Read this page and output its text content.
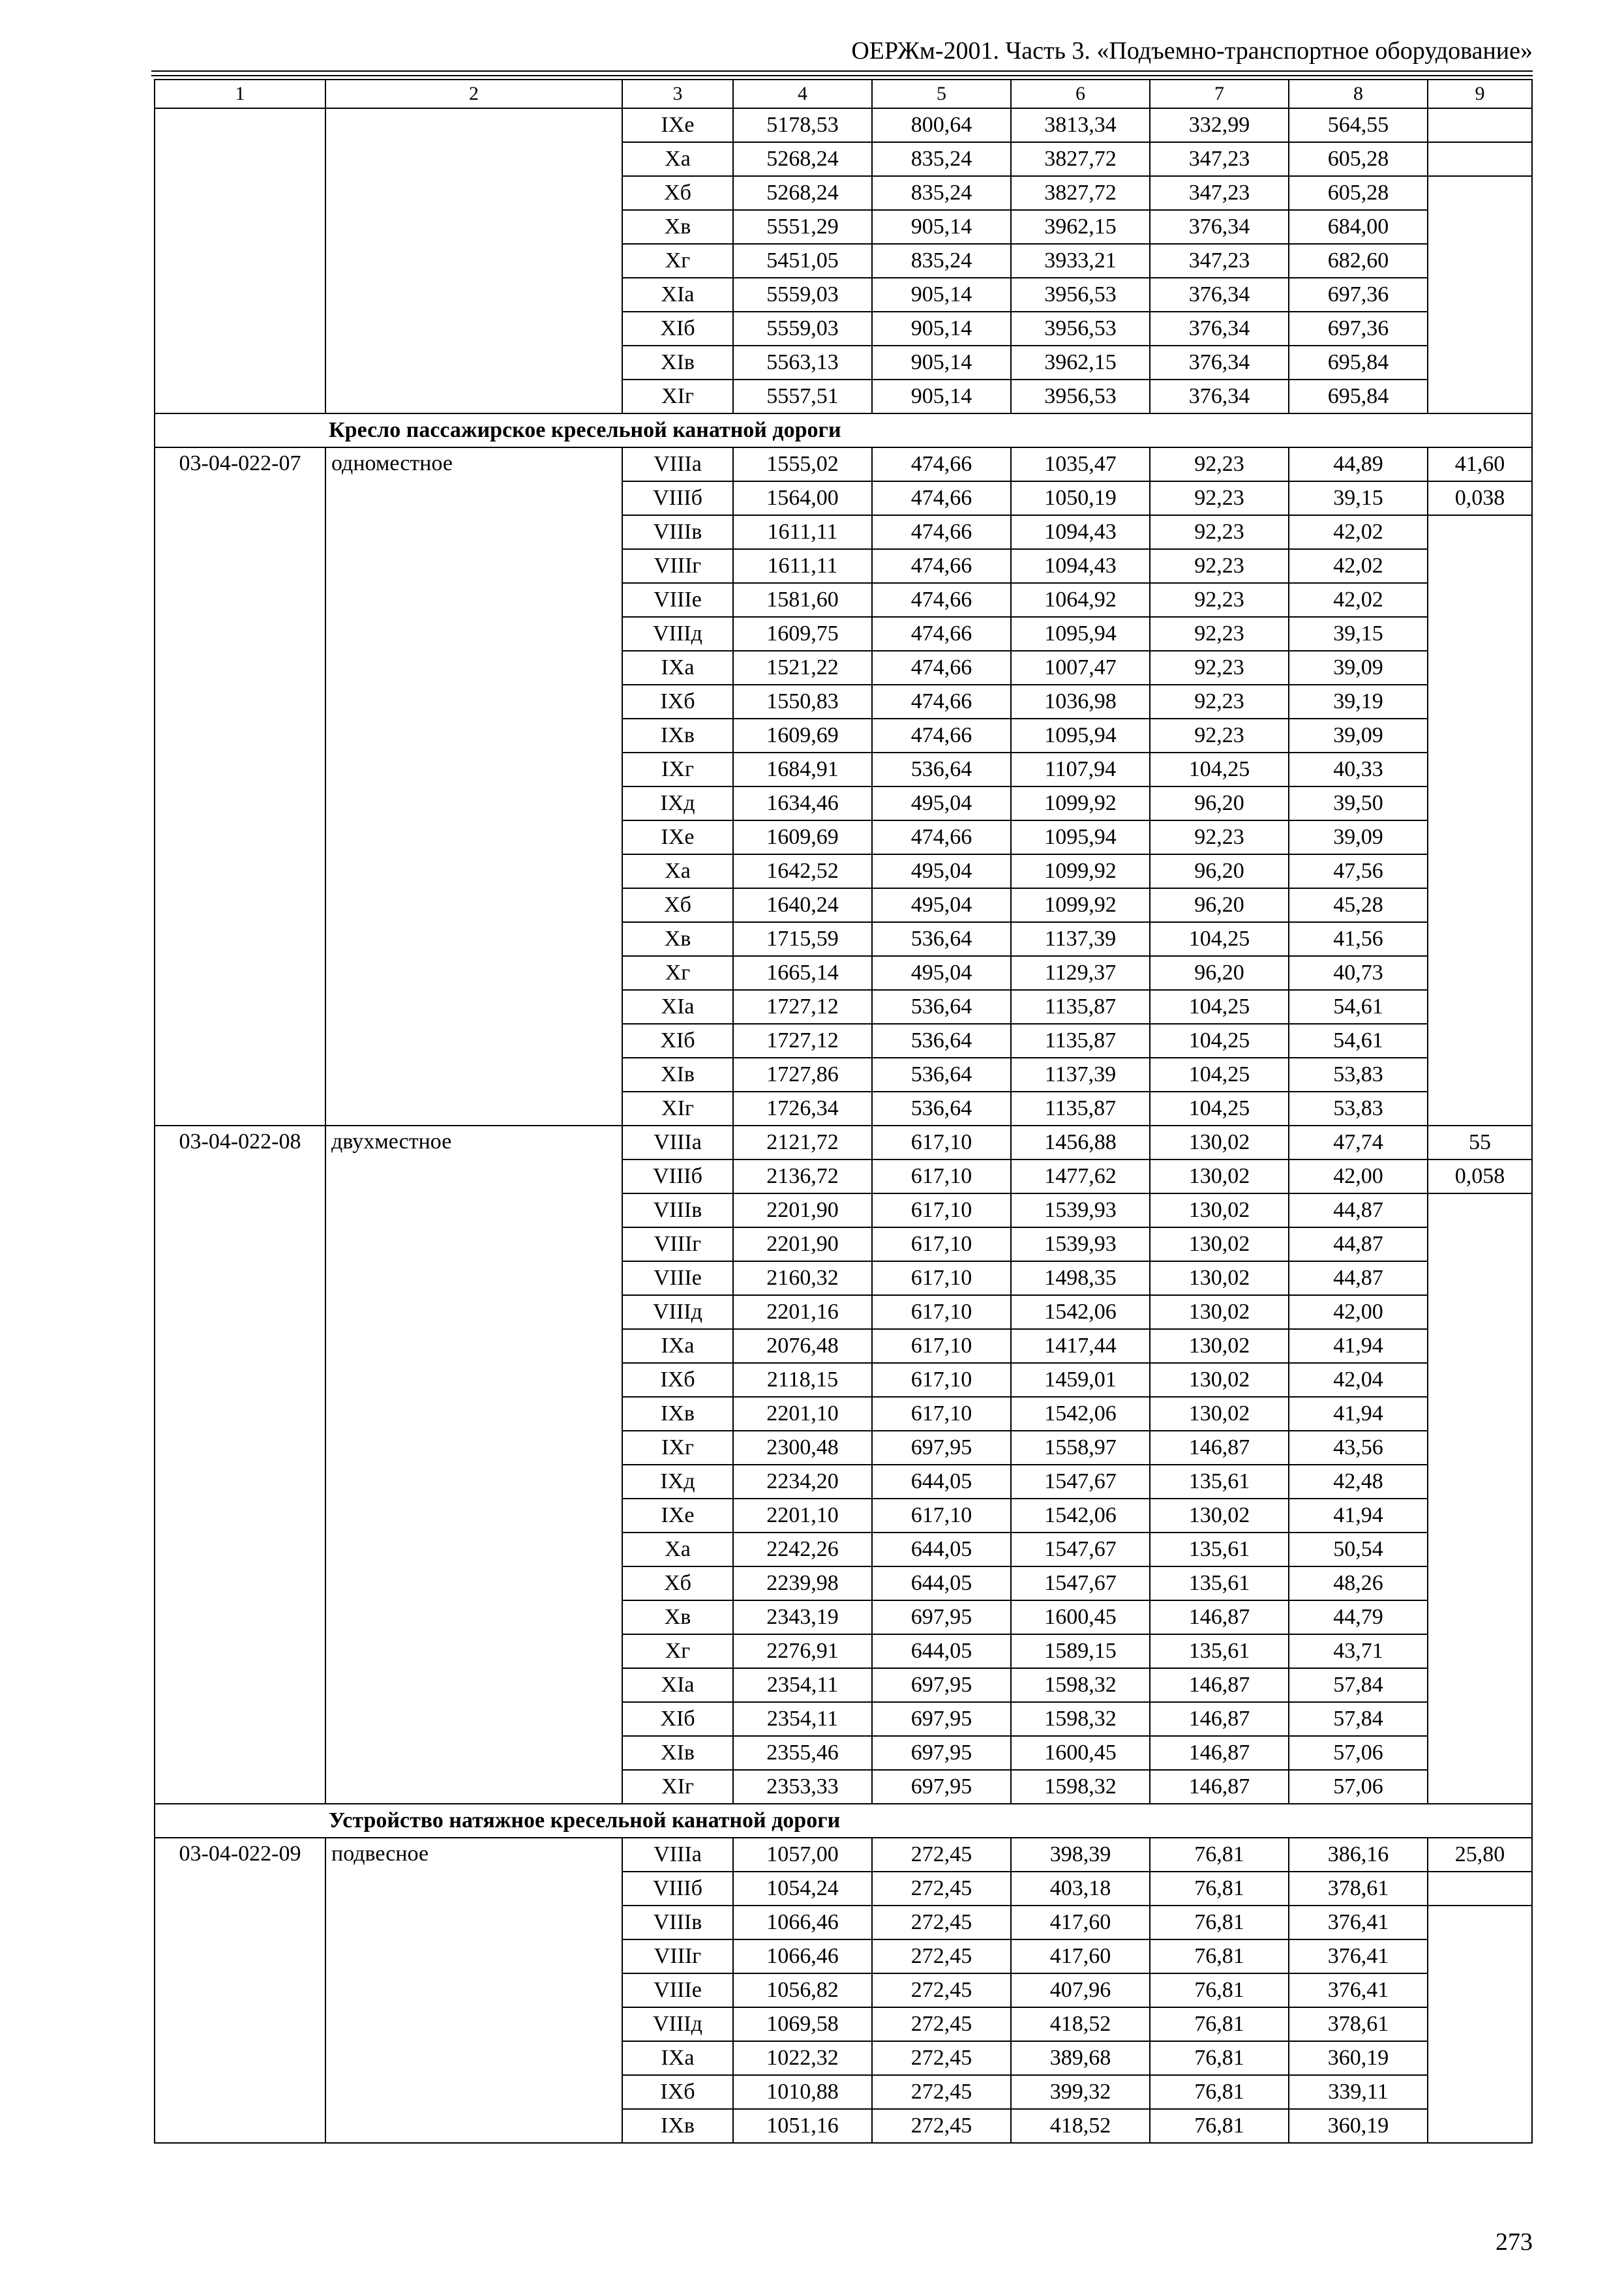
ОЕРЖм-2001. Часть 3. «Подъемно-транспортное оборудование»
1	2	3	4	5	6	7	8	9
		IXе	5178,53	800,64	3813,34	332,99	564,55	
		Xа	5268,24	835,24	3827,72	347,23	605,28	
		Xб	5268,24	835,24	3827,72	347,23	605,28	
		Xв	5551,29	905,14	3962,15	376,34	684,00	
		Xг	5451,05	835,24	3933,21	347,23	682,60	
		XIа	5559,03	905,14	3956,53	376,34	697,36	
		XIб	5559,03	905,14	3956,53	376,34	697,36	
		XIв	5563,13	905,14	3962,15	376,34	695,84	
		XIг	5557,51	905,14	3956,53	376,34	695,84	
Кресло пассажирское кресельной канатной дороги								
03-04-022-07	одноместное	VIIIа	1555,02	474,66	1035,47	92,23	44,89	41,60
		VIIIб	1564,00	474,66	1050,19	92,23	39,15	0,038
		VIIIв	1611,11	474,66	1094,43	92,23	42,02	
		VIIIг	1611,11	474,66	1094,43	92,23	42,02	
		VIIIе	1581,60	474,66	1064,92	92,23	42,02	
		VIIIд	1609,75	474,66	1095,94	92,23	39,15	
		IXа	1521,22	474,66	1007,47	92,23	39,09	
		IXб	1550,83	474,66	1036,98	92,23	39,19	
		IXв	1609,69	474,66	1095,94	92,23	39,09	
		IXг	1684,91	536,64	1107,94	104,25	40,33	
		IXд	1634,46	495,04	1099,92	96,20	39,50	
		IXе	1609,69	474,66	1095,94	92,23	39,09	
		Xа	1642,52	495,04	1099,92	96,20	47,56	
		Xб	1640,24	495,04	1099,92	96,20	45,28	
		Xв	1715,59	536,64	1137,39	104,25	41,56	
		Xг	1665,14	495,04	1129,37	96,20	40,73	
		XIа	1727,12	536,64	1135,87	104,25	54,61	
		XIб	1727,12	536,64	1135,87	104,25	54,61	
		XIв	1727,86	536,64	1137,39	104,25	53,83	
		XIг	1726,34	536,64	1135,87	104,25	53,83	
03-04-022-08	двухместное	VIIIа	2121,72	617,10	1456,88	130,02	47,74	55
		VIIIб	2136,72	617,10	1477,62	130,02	42,00	0,058
		VIIIв	2201,90	617,10	1539,93	130,02	44,87	
		VIIIг	2201,90	617,10	1539,93	130,02	44,87	
		VIIIе	2160,32	617,10	1498,35	130,02	44,87	
		VIIIд	2201,16	617,10	1542,06	130,02	42,00	
		IXа	2076,48	617,10	1417,44	130,02	41,94	
		IXб	2118,15	617,10	1459,01	130,02	42,04	
		IXв	2201,10	617,10	1542,06	130,02	41,94	
		IXг	2300,48	697,95	1558,97	146,87	43,56	
		IXд	2234,20	644,05	1547,67	135,61	42,48	
		IXе	2201,10	617,10	1542,06	130,02	41,94	
		Xа	2242,26	644,05	1547,67	135,61	50,54	
		Xб	2239,98	644,05	1547,67	135,61	48,26	
		Xв	2343,19	697,95	1600,45	146,87	44,79	
		Xг	2276,91	644,05	1589,15	135,61	43,71	
		XIа	2354,11	697,95	1598,32	146,87	57,84	
		XIб	2354,11	697,95	1598,32	146,87	57,84	
		XIв	2355,46	697,95	1600,45	146,87	57,06	
		XIг	2353,33	697,95	1598,32	146,87	57,06	
Устройство натяжное кресельной канатной дороги								
03-04-022-09	подвесное	VIIIа	1057,00	272,45	398,39	76,81	386,16	25,80
		VIIIб	1054,24	272,45	403,18	76,81	378,61	
		VIIIв	1066,46	272,45	417,60	76,81	376,41	
		VIIIг	1066,46	272,45	417,60	76,81	376,41	
		VIIIе	1056,82	272,45	407,96	76,81	376,41	
		VIIIд	1069,58	272,45	418,52	76,81	378,61	
		IXа	1022,32	272,45	389,68	76,81	360,19	
		IXб	1010,88	272,45	399,32	76,81	339,11	
		IXв	1051,16	272,45	418,52	76,81	360,19	
273
